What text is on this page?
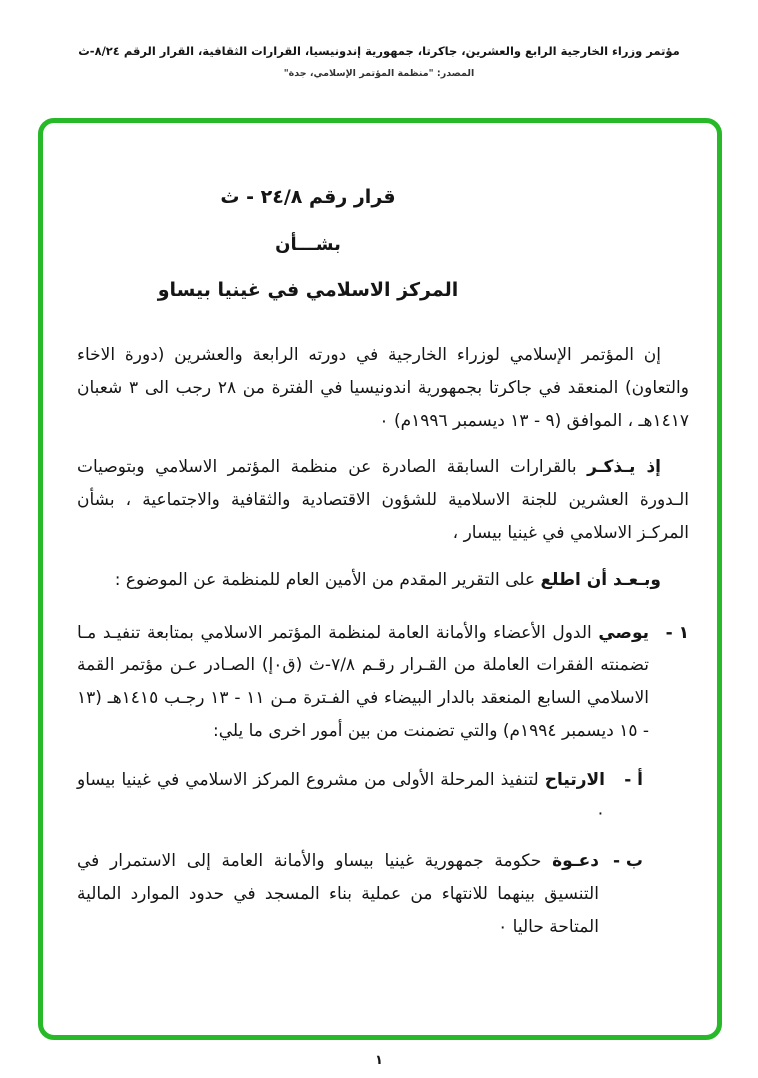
مؤتمر وزراء الخارجية الرابع والعشرين، جاكرتا، جمهورية إندونيسيا، القرارات الثقافية، القرار الرقم ٨/٢٤-ث
المصدر: "منظمة المؤتمر الإسلامي، جدة"
قرار رقم ٢٤/٨ - ث
بشـــأن
المركز الاسلامي في غينيا بيساو

إن المؤتمر الإسلامي لوزراء الخارجية في دورته الرابعة والعشرين (دورة الاخاء والتعاون) المنعقد في جاكرتا بجمهورية اندونيسيا في الفترة من ٢٨ رجب الى ٣ شعبان ١٤١٧هـ ، الموافق (٩ - ١٣ ديسمبر ١٩٩٦م) ٠

إذ يـذكـر بالقرارات السابقة الصادرة عن منظمة المؤتمر الاسلامي وبتوصيات الـدورة العشرين للجنة الاسلامية للشؤون الاقتصادية والثقافية والاجتماعية ، بشأن المركـز الاسلامي في غينيا بيسار ،

وبـعـد أن اطلع على التقرير المقدم من الأمين العام للمنظمة عن الموضوع :

١ -
يوصي الدول الأعضاء والأمانة العامة لمنظمة المؤتمر الاسلامي بمتابعة تنفيـد مـا تضمنته الفقرات العاملة من القـرار رقـم ٧/٨-ث (ق٠إ) الصـادر عـن مؤتمر القمة الاسلامي السابع المنعقد بالدار البيضاء في الفـترة مـن ١١ - ١٣ رجـب ١٤١٥هـ (١٣ - ١٥ ديسمبر ١٩٩٤م) والتي تضمنت من بين أمور اخرى ما يلي:
أ -
الارتياح لتنفيذ المرحلة الأولى من مشروع المركز الاسلامي في غينيا بيساو ٠
ب -
دعـوة حكومة جمهورية غينيا بيساو والأمانة العامة إلى الاستمرار في التنسيق بينهما للانتهاء من عملية بناء المسجد في حدود الموارد المالية المتاحة حاليا ٠
١
